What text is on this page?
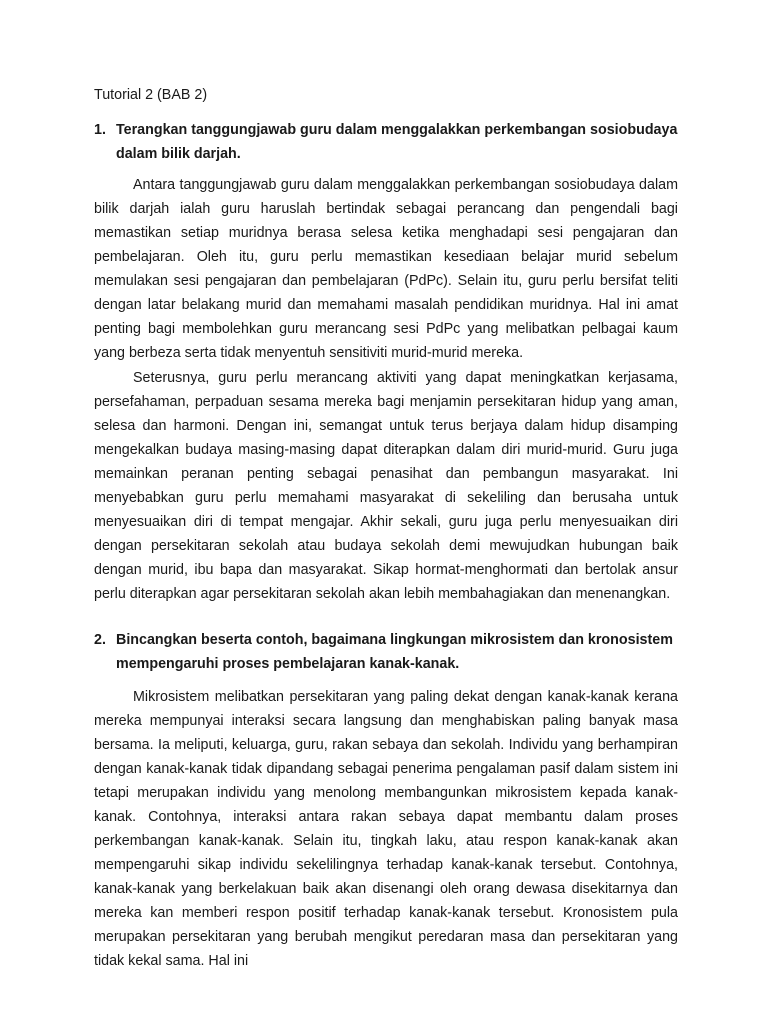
Tutorial 2 (BAB 2)
1. Terangkan tanggungjawab guru dalam menggalakkan perkembangan sosiobudaya dalam bilik darjah.

Antara tanggungjawab guru dalam menggalakkan perkembangan sosiobudaya dalam bilik darjah ialah guru haruslah bertindak sebagai perancang dan pengendali bagi memastikan setiap muridnya berasa selesa ketika menghadapi sesi pengajaran dan pembelajaran. Oleh itu, guru perlu memastikan kesediaan belajar murid sebelum memulakan sesi pengajaran dan pembelajaran (PdPc). Selain itu, guru perlu bersifat teliti dengan latar belakang murid dan memahami masalah pendidikan muridnya. Hal ini amat penting bagi membolehkan guru merancang sesi PdPc yang melibatkan pelbagai kaum yang berbeza serta tidak menyentuh sensitiviti murid-murid mereka.

Seterusnya, guru perlu merancang aktiviti yang dapat meningkatkan kerjasama, persefahaman, perpaduan sesama mereka bagi menjamin persekitaran hidup yang aman, selesa dan harmoni. Dengan ini, semangat untuk terus berjaya dalam hidup disamping mengekalkan budaya masing-masing dapat diterapkan dalam diri murid-murid. Guru juga memainkan peranan penting sebagai penasihat dan pembangun masyarakat. Ini menyebabkan guru perlu memahami masyarakat di sekeliling dan berusaha untuk menyesuaikan diri di tempat mengajar. Akhir sekali, guru juga perlu menyesuaikan diri dengan persekitaran sekolah atau budaya sekolah demi mewujudkan hubungan baik dengan murid, ibu bapa dan masyarakat. Sikap hormat-menghormati dan bertolak ansur perlu diterapkan agar persekitaran sekolah akan lebih membahagiakan dan menenangkan.

2. Bincangkan beserta contoh, bagaimana lingkungan mikrosistem dan kronosistem mempengaruhi proses pembelajaran kanak-kanak.

Mikrosistem melibatkan persekitaran yang paling dekat dengan kanak-kanak kerana mereka mempunyai interaksi secara langsung dan menghabiskan paling banyak masa bersama. Ia meliputi, keluarga, guru, rakan sebaya dan sekolah. Individu yang berhampiran dengan kanak-kanak tidak dipandang sebagai penerima pengalaman pasif dalam sistem ini tetapi merupakan individu yang menolong membangunkan mikrosistem kepada kanak-kanak. Contohnya, interaksi antara rakan sebaya dapat membantu dalam proses perkembangan kanak-kanak. Selain itu, tingkah laku, atau respon kanak-kanak akan mempengaruhi sikap individu sekelilingnya terhadap kanak-kanak tersebut. Contohnya, kanak-kanak yang berkelakuan baik akan disenangi oleh orang dewasa disekitarnya dan mereka kan memberi respon positif terhadap kanak-kanak tersebut. Kronosistem pula merupakan persekitaran yang berubah mengikut peredaran masa dan persekitaran yang tidak kekal sama. Hal ini
